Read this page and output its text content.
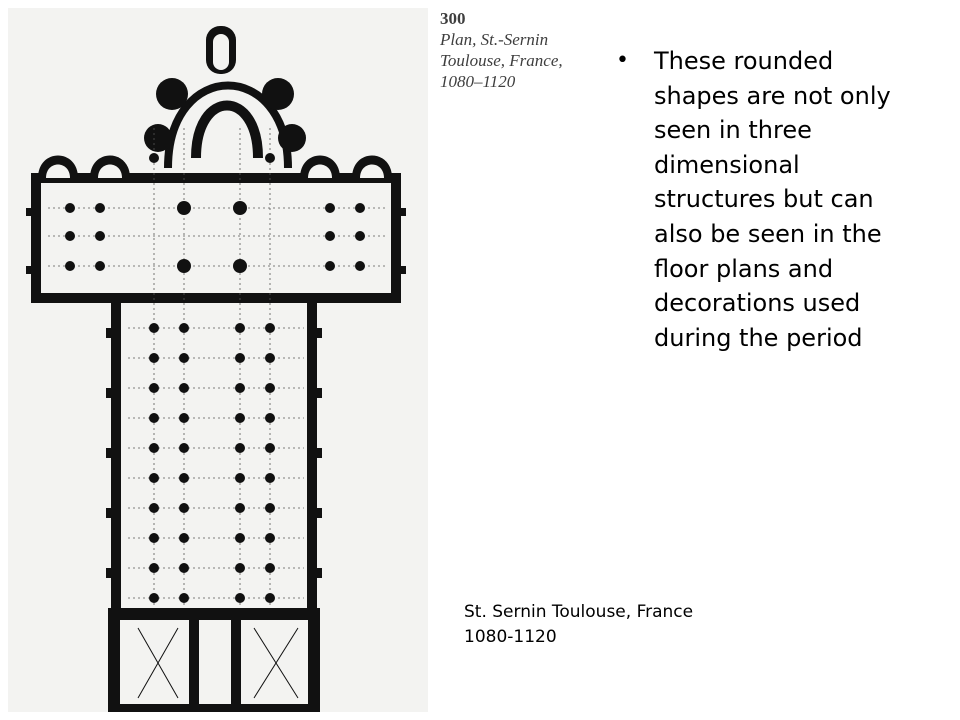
300
Plan, St.-Sernin
Toulouse, France,
1080–1120
•	These rounded shapes are not only seen in three dimensional structures but can also be seen in the floor plans and decorations used during the period
St. Sernin Toulouse, France
1080-1120
